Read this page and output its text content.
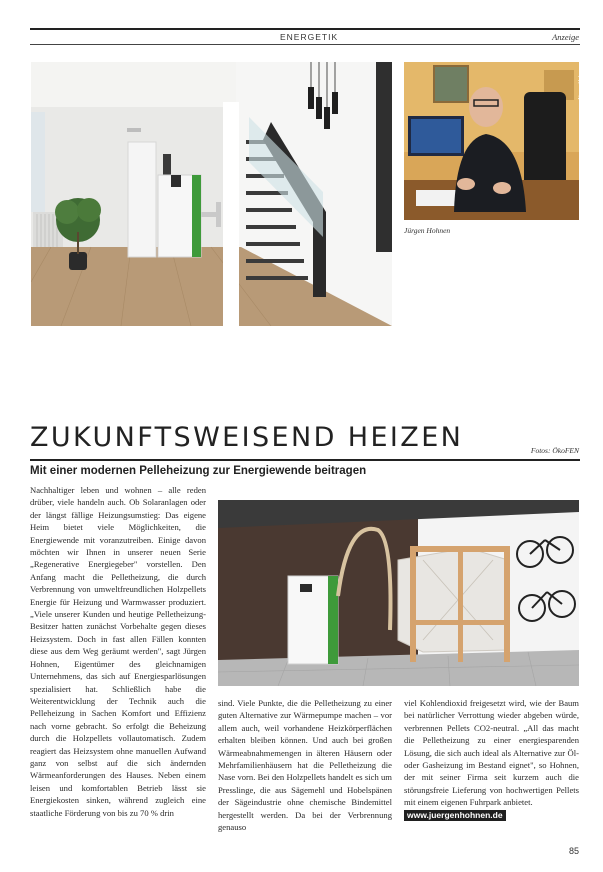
ENERGETIK	Anzeige
© Jürgen Hohnen
Jürgen Hohnen
ZUKUNFTSWEISEND HEIZEN	Fotos: ÖkoFEN
Mit einer modernen Pelleheizung zur Energiewende beitragen

Nachhaltiger leben und wohnen – alle reden drüber, viele handeln auch. Ob Solaranlagen oder der längst fällige Heizungsumstieg: Das eigene Heim bietet viele Möglichkeiten, die Energiewende mit voranzutreiben. Einige davon möchten wir Ihnen in unserer neuen Serie „Regenerative Energiegeber" vorstellen. Den Anfang macht die Pelletheizung, die durch Verbrennung von umweltfreundlichen Holzpellets Energie für Heizung und Warmwasser produziert. „Viele unserer Kunden und heutige Pelletheizung-Besitzer hatten zunächst Vorbehalte gegen dieses Heizsystem. Doch in fast allen Fällen konnten diese aus dem Weg geräumt werden", sagt Jürgen Hohnen, Eigentümer des gleichnamigen Unternehmens, das sich auf Energiesparlösungen spezialisiert hat. Schließlich habe die Weiterentwicklung der Technik auch die Pelleheizung in Sachen Komfort und Effizienz nach vorne gebracht. So erfolgt die Beheizung durch die Holzpellets vollautomatisch. Zudem reagiert das Heizsystem ohne manuellen Aufwand ganz von selbst auf die sich ändernden Wärmeanforderungen des Hauses. Neben einem leisen und komfortablen Betrieb lässt sie Energiekosten sinken, während zugleich eine staatliche Förderung von bis zu 70 % drin

sind. Viele Punkte, die die Pelletheizung zu einer guten Alternative zur Wärmepumpe machen – vor allem auch, weil vorhandene Heizkörperflächen erhalten bleiben können. Und auch bei großen Wärmeabnahmemengen in älteren Häusern oder Mehrfamilienhäusern hat die Pelletheizung die Nase vorn. Bei den Holzpellets handelt es sich um Presslinge, die aus Sägemehl und Hobelspänen der Sägeindustrie ohne chemische Bindemittel hergestellt werden. Da bei der Verbrennung genauso

viel Kohlendioxid freigesetzt wird, wie der Baum bei natürlicher Verrottung wieder abgeben würde, verbrennen Pellets CO2-neutral. „All das macht die Pelletheizung zu einer energiesparenden Lösung, die sich auch ideal als Alternative zur Öl- oder Gasheizung im Bestand eignet", so Hohnen, der mit seiner Firma seit kurzem auch die störungsfreie Lieferung von hochwertigen Pellets mit einem eigenen Fuhrpark anbietet.

www.juergenhohnen.de
85
